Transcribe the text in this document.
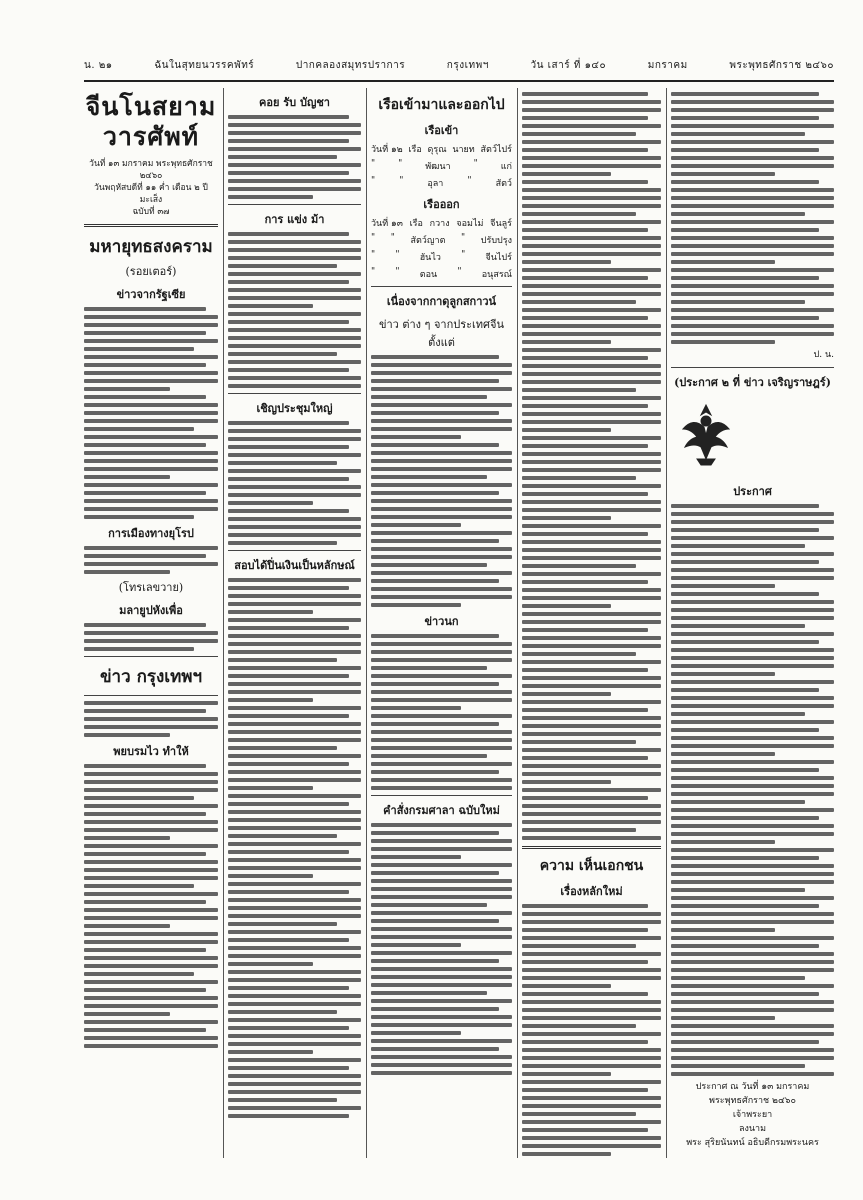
น. ๒๑	ฉันในสุทยนวรรคพัทร์	ปากคลองสมุทรปราการ	กรุงเทพฯ	วัน เสาร์ ที่ ๑๔๐	มกราคม	พระพุทธศักราช ๒๔๖๐
จีนโนสยามวารศัพท์
วันที่ ๑๓ มกราคม พระพุทธศักราช ๒๔๖๐
วันพฤหัสบดีที่ ๑๑ ค่ำ เดือน ๒ ปีมะเส็ง
ฉบับที่ ๓๗
มหายุทธสงคราม
(รอยเตอร์)
ข่าวจากรัฐเซีย
การเมืองทางยุโรป
(โทรเลขวาย)
มลายูปหังเพื่อ
ข่าว กรุงเทพฯ
พยบรมไว ทำให้
คอย รับ บัญชา
การ แข่ง ม้า
เชิญประชุมใหญ่
สอบได้ปิ่นเงินเป็นหลักษณ์
เรือเข้ามาและออกไป
เรือเข้า
วันที่ ๑๒ เรือ ดุรุณ นายท สัตว์ไปร์
"	"	พัฒนา	"	แก่
"	"	อุลา	"	สัตว์
เรือออก
วันที่ ๑๓ เรือ กวาง จอมไม่ จีนลูร์
" " สัตว์ญาต " ปรับปรุง
" " ฮันไว " จีนไปร์
" " ตอน " อนุสรณ์
เนื่องจากกาดุลูกสกาวน์
ข่าว ต่าง ๆ จากประเทศจีนตั้งแต่
ข่าวนก
คำสั่งกรมศาลา ฉบับใหม่
ความ เห็นเอกชน
เรื่องหลักใหม่
ป. น.
(ประกาศ ๒ ที่ ข่าว เจริญราษฎร์)
ประกาศ
ประกาศ ณ วันที่ ๑๓ มกราคม
พระพุทธศักราช ๒๔๖๐
เจ้าพระยา
ลงนาม
พระ สุริยนันทน์ อธิบดีกรมพระนคร
